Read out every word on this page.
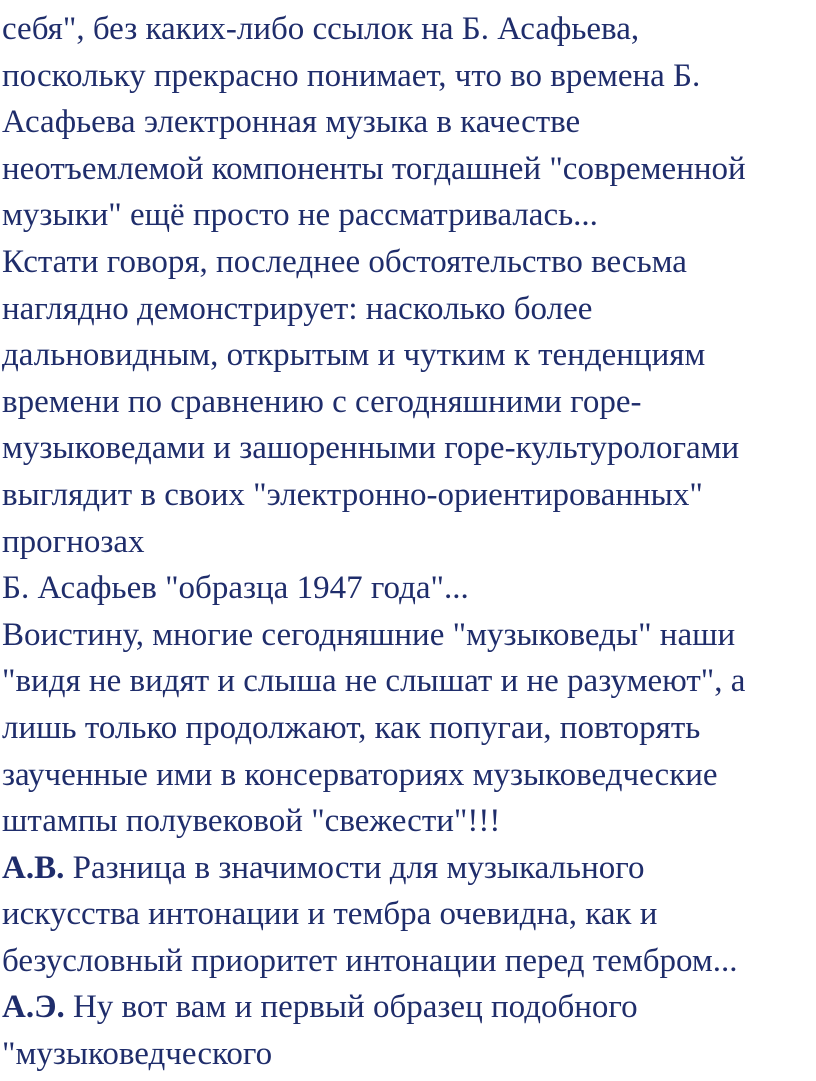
себя", без каких-либо ссылок на Б. Асафьева,
поскольку прекрасно понимает, что во времена Б.
Асафьева электронная музыка в качестве
неотъемлемой компоненты тогдашней "современной
музыки" ещё просто не рассматривалась...
Кстати говоря, последнее обстоятельство весьма
наглядно демонстрирует: насколько более
дальновидным, открытым и чутким к тенденциям
времени по сравнению с сегодняшними горе-
музыковедами и зашоренными горе-культурологами
выглядит в своих "электронно-ориентированных"
прогнозах
Б. Асафьев "образца 1947 года"...
Воистину, многие сегодняшние "музыковеды" наши
"видя не видят и слыша не слышат и не разумеют", а
лишь только продолжают, как попугаи, повторять
заученные ими в консерваториях музыковедческие
штампы полувековой "свежести"!!!
А.В. Разница в значимости для музыкального
искусства интонации и тембра очевидна, как и
безусловный приоритет интонации перед тембром...
А.Э. Ну вот вам и первый образец подобного
"музыковедческого
